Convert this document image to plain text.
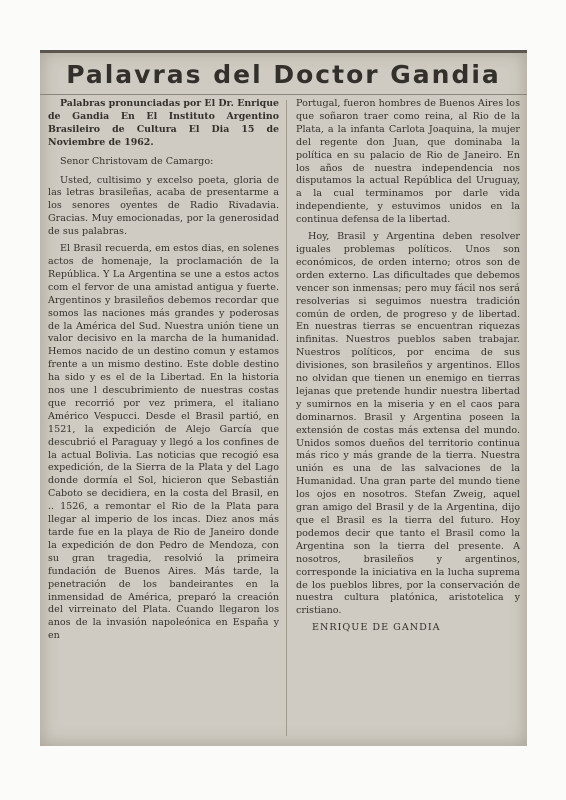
Palavras del Doctor Gandia

Palabras pronunciadas por El Dr. Enrique de Gandia En El Instituto Argentino Brasileiro de Cultura El Dia 15 de Noviembre de 1962.

Senor Christovam de Camargo:

Usted, cultisimo y excelso poeta, gloria de las letras brasileñas, acaba de presentarme a los senores oyentes de Radio Rivadavia. Gracias. Muy emocionadas, por la generosidad de sus palabras.

El Brasil recuerda, em estos dias, en solenes actos de homenaje, la proclamación de la República. Y La Argentina se une a estos actos com el fervor de una amistad antigua y fuerte. Argentinos y brasileños debemos recordar que somos las naciones más grandes y poderosas de la América del Sud. Nuestra unión tiene un valor decisivo en la marcha de la humanidad. Hemos nacido de un destino comun y estamos frente a un mismo destino. Este doble destino ha sido y es el de la Libertad. En la historia nos une l descubrimiento de nuestras costas que recorrió por vez primera, el italiano Américo Vespucci. Desde el Brasil partió, en 1521, la expedición de Alejo García que descubrió el Paraguay y llegó a los confines de la actual Bolivia. Las noticias que recogió esa expedición, de la Sierra de la Plata y del Lago donde dormía el Sol, hicieron que Sebastián Caboto se decidiera, en la costa del Brasil, en .. 1526, a remontar el Rio de la Plata para llegar al imperio de los incas. Diez anos más tarde fue en la playa de Rio de Janeiro donde la expedición de don Pedro de Mendoza, con su gran tragedia, resolvió la primeira fundación de Buenos Aires. Más tarde, la penetración de los bandeirantes en la inmensidad de América, preparó la creación del virreinato del Plata. Cuando llegaron los anos de la invasión napoleónica en España y en

Portugal, fueron hombres de Buenos Aires los que soñaron traer como reina, al Rio de la Plata, a la infanta Carlota Joaquina, la mujer del regente don Juan, que dominaba la política en su palacio de Rio de Janeiro. En los años de nuestra independencia nos disputamos la actual República del Uruguay, a la cual terminamos por darle vida independiente, y estuvimos unidos en la continua defensa de la libertad.

Hoy, Brasil y Argentina deben resolver iguales problemas políticos. Unos son económicos, de orden interno; otros son de orden externo. Las dificultades que debemos vencer son inmensas; pero muy fácil nos será resolverias si seguimos nuestra tradición común de orden, de progreso y de libertad. En nuestras tierras se encuentran riquezas infinitas. Nuestros pueblos saben trabajar. Nuestros políticos, por encima de sus divisiones, son brasileños y argentinos. Ellos no olvidan que tienen un enemigo en tierras lejanas que pretende hundir nuestra libertad y sumirnos en la miseria y en el caos para dominarnos. Brasil y Argentina poseen la extensión de costas más extensa del mundo. Unidos somos dueños del territorio continua más rico y más grande de la tierra. Nuestra unión es una de las salvaciones de la Humanidad. Una gran parte del mundo tiene los ojos en nosotros. Stefan Zweig, aquel gran amigo del Brasil y de la Argentina, dijo que el Brasil es la tierra del futuro. Hoy podemos decir que tanto el Brasil como la Argentina son la tierra del presente. A nosotros, brasileños y argentinos, corresponde la iniciativa en la lucha suprema de los pueblos libres, por la conservación de nuestra cultura platónica, aristotelica y cristiano.

ENRIQUE DE GANDIA
